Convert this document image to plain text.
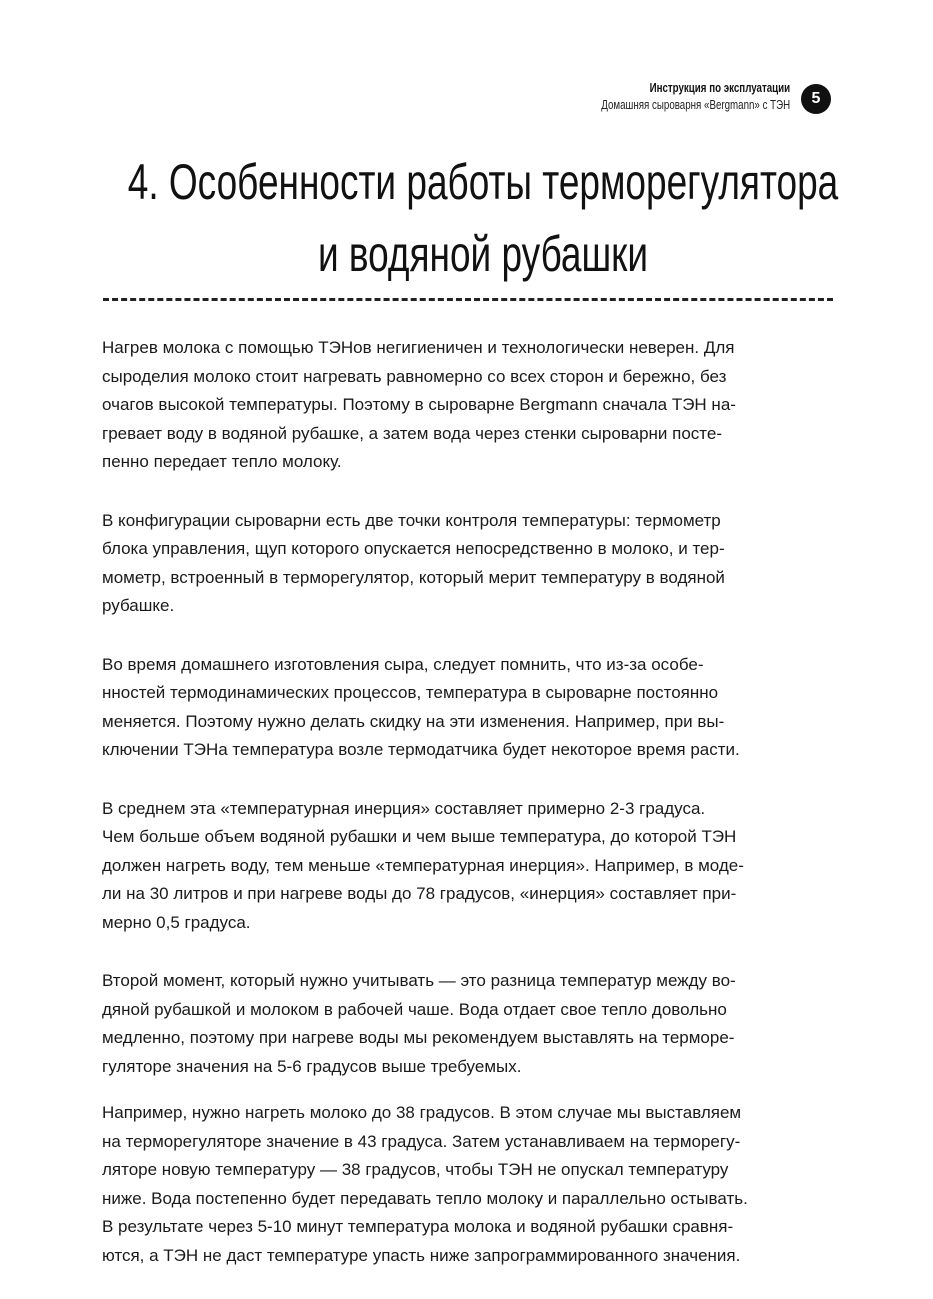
Инструкция по эксплуатации
Домашняя сыроварня «Bergmann» с ТЭН	5
4. Особенности работы терморегулятора
и водяной рубашки

Нагрев молока с помощью ТЭНов негигиеничен и технологически неверен. Для
сыроделия молоко стоит нагревать равномерно со всех сторон и бережно, без
очагов высокой температуры. Поэтому в сыроварне Bergmann сначала ТЭН на-
гревает воду в водяной рубашке, а затем вода через стенки сыроварни посте-
пенно передает тепло молоку.

В конфигурации сыроварни есть две точки контроля температуры: термометр
блока управления, щуп которого опускается непосредственно в молоко, и тер-
мометр, встроенный в терморегулятор, который мерит температуру в водяной
рубашке.

Во время домашнего изготовления сыра, следует помнить, что из-за особе-
нностей термодинамических процессов, температура в сыроварне постоянно
меняется. Поэтому нужно делать скидку на эти изменения. Например, при вы-
ключении ТЭНа температура возле термодатчика будет некоторое время расти.

В среднем эта «температурная инерция» составляет примерно 2-3 градуса.
Чем больше объем водяной рубашки и чем выше температура, до которой ТЭН
должен нагреть воду, тем меньше «температурная инерция». Например, в моде-
ли на 30 литров и при нагреве воды до 78 градусов, «инерция» составляет при-
мерно 0,5 градуса.

Второй момент, который нужно учитывать — это разница температур между во-
дяной рубашкой и молоком в рабочей чаше. Вода отдает свое тепло довольно
медленно, поэтому при нагреве воды мы рекомендуем выставлять на терморе-
гуляторе значения на 5-6 градусов выше требуемых.

Например, нужно нагреть молоко до 38 градусов. В этом случае мы выставляем
на терморегуляторе значение в 43 градуса. Затем устанавливаем на терморегу-
ляторе новую температуру — 38 градусов, чтобы ТЭН не опускал температуру
ниже. Вода постепенно будет передавать тепло молоку и параллельно остывать.
В результате через 5-10 минут температура молока и водяной рубашки сравня-
ются, а ТЭН не даст температуре упасть ниже запрограммированного значения.
